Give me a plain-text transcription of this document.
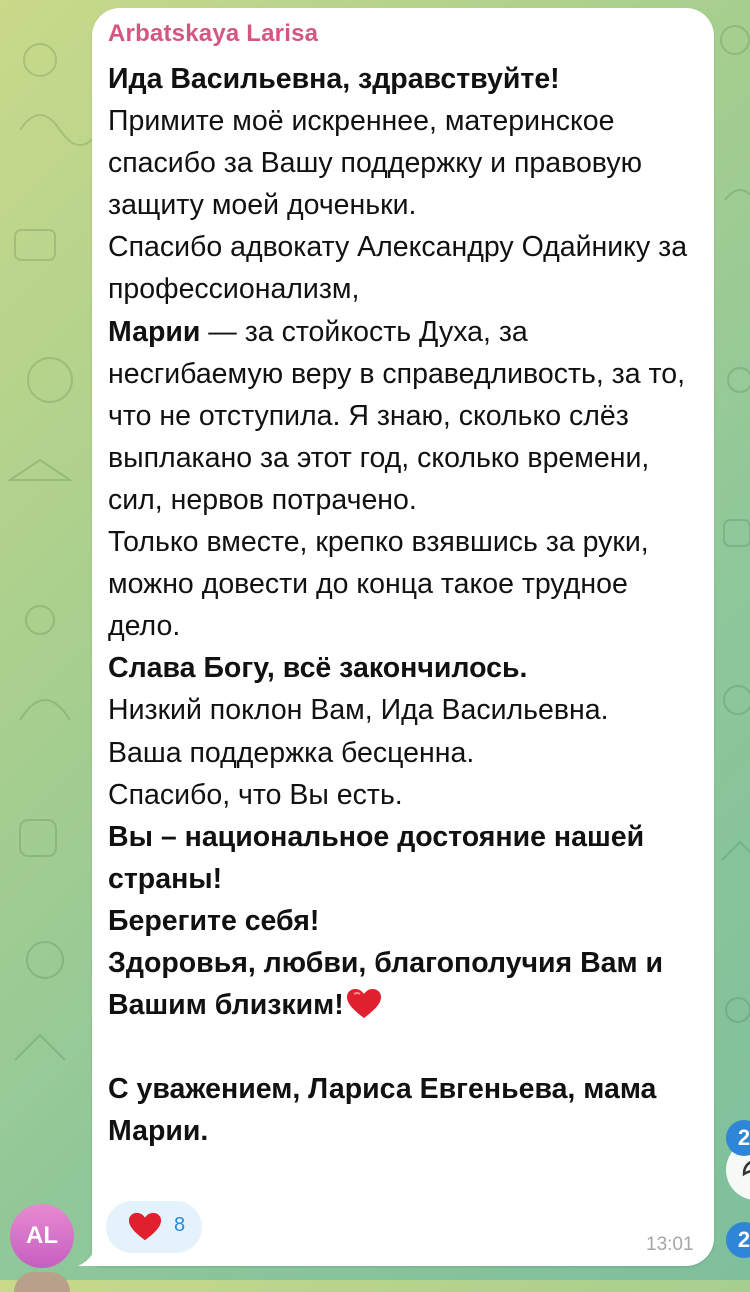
Arbatskaya Larisa

Ида Васильевна, здравствуйте!

Примите моё искреннее, материнское спасибо за Вашу поддержку и правовую защиту моей доченьки.

Спасибо адвокату Александру Одайнику за профессионализм,

Марии — за стойкость Духа, за несгибаемую веру в справедливость, за то, что не отступила. Я знаю, сколько слёз выплакано за этот год, сколько времени, сил, нервов потрачено.

Только вместе, крепко взявшись за руки, можно довести до конца такое трудное дело.

Слава Богу, всё закончилось.

Низкий поклон Вам, Ида Васильевна.

Ваша поддержка бесценна.

Спасибо, что Вы есть.

Вы – национальное достояние нашей страны!

Берегите себя!

Здоровья, любви, благополучия Вам и Вашим близким!

С уважением, Лариса Евгеньева, мама Марии.

8
13:01
AL
2
2
